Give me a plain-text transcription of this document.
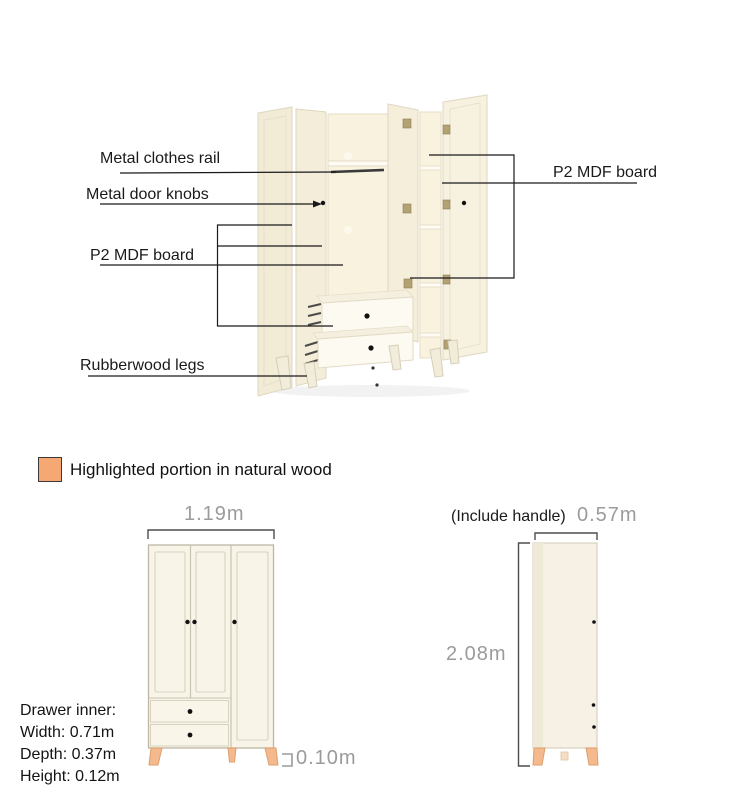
Metal clothes rail
Metal door knobs
P2 MDF board
P2 MDF board
Rubberwood legs
Highlighted portion in natural wood
1.19m	(Include handle) 0.57m
2.08m
0.10m
Drawer inner:
Width: 0.71m
Depth: 0.37m
Height: 0.12m
